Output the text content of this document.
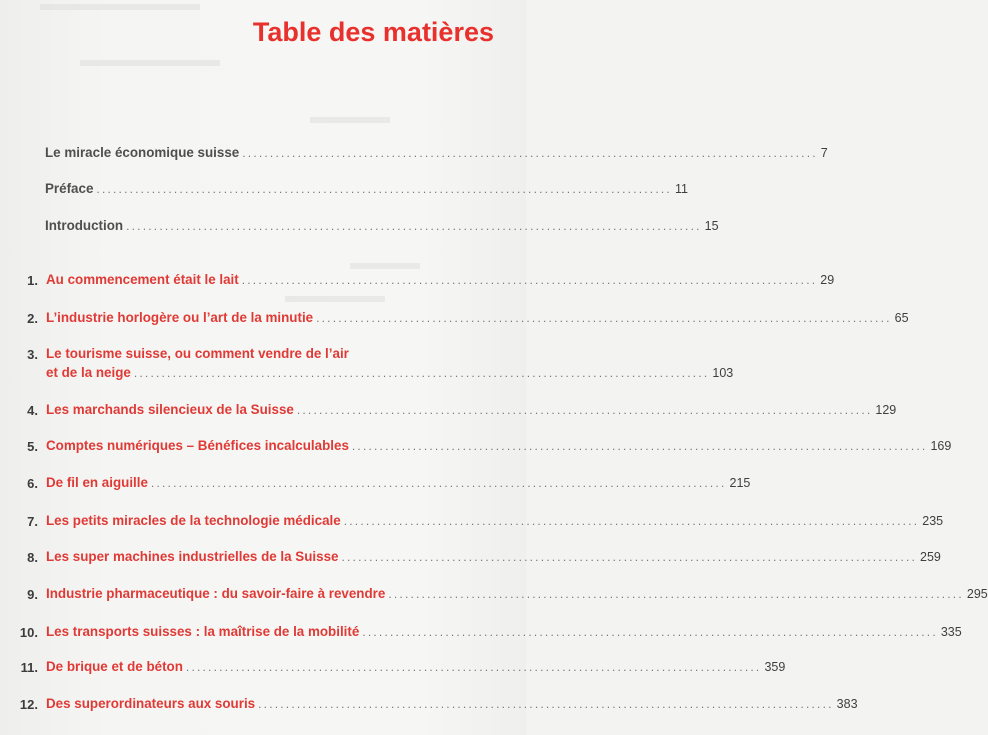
Table des matières
Le miracle économique suisse ........................................................................................................ 7
Préface ........................................................................................................ 11
Introduction ........................................................................................................ 15
1. Au commencement était le lait ........................................................................................................ 29
2. L’industrie horlogère ou l’art de la minutie ........................................................................................................ 65
3. Le tourisme suisse, ou comment vendre de l’air
et de la neige ........................................................................................................ 103
4. Les marchands silencieux de la Suisse ........................................................................................................ 129
5. Comptes numériques – Bénéfices incalculables ........................................................................................................ 169
6. De fil en aiguille ........................................................................................................ 215
7. Les petits miracles de la technologie médicale ........................................................................................................ 235
8. Les super machines industrielles de la Suisse ........................................................................................................ 259
9. Industrie pharmaceutique : du savoir-faire à revendre ........................................................................................................ 295
10. Les transports suisses : la maîtrise de la mobilité ........................................................................................................ 335
11. De brique et de béton ........................................................................................................ 359
12. Des superordinateurs aux souris ........................................................................................................ 383
